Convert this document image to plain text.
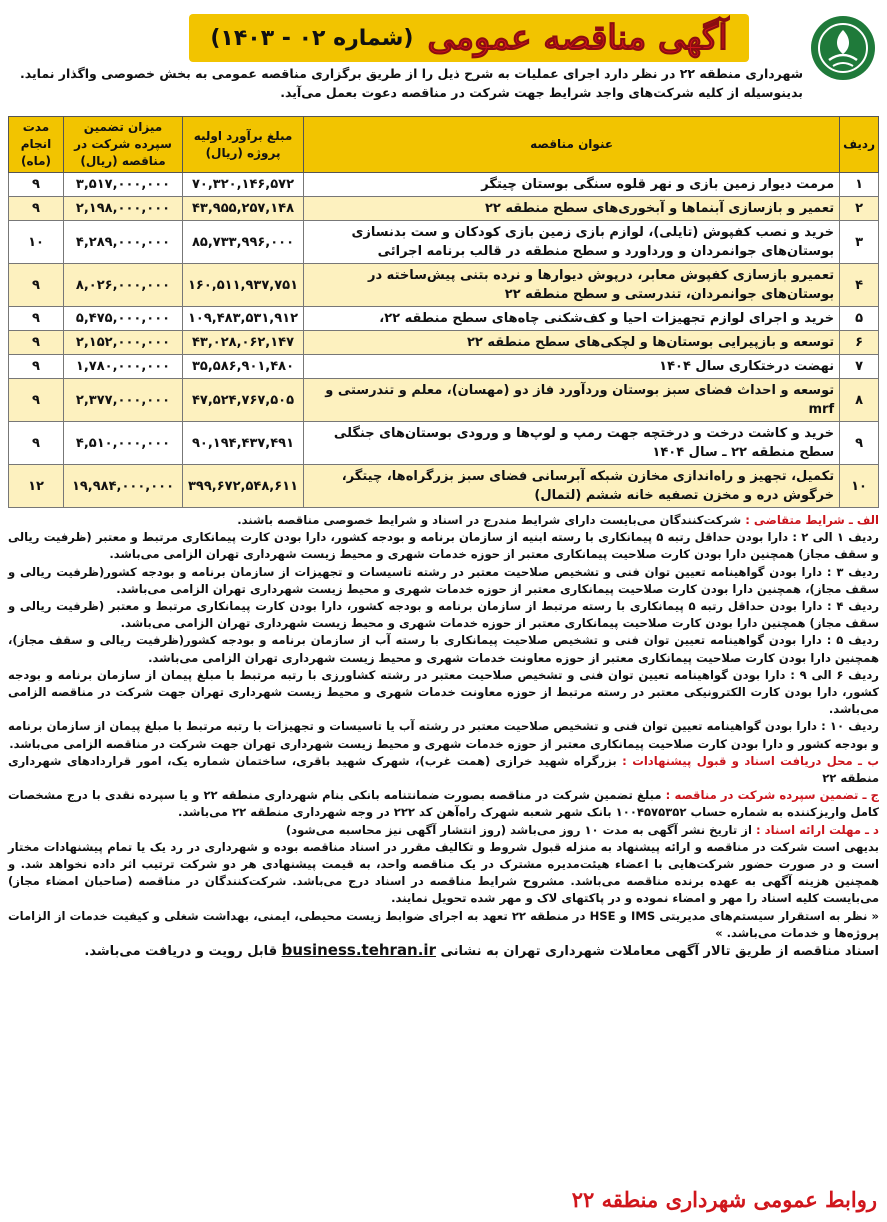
آگهی مناقصه عمومی
(شماره ۰۲ - ۱۴۰۳)
شهرداری منطقه ۲۲ در نظر دارد اجرای عملیات به شرح ذیل را از طریق برگزاری مناقصه عمومی به بخش خصوصی واگذار نماید.
بدینوسیله از کلیه شرکت‌های واجد شرایط جهت شرکت در مناقصه دعوت بعمل می‌آید.
ردیف	عنوان مناقصه	مبلغ برآورد اولیه پروژه (ریال)	میزان تضمین سپرده شرکت در مناقصه (ریال)	مدت انجام (ماه)
۱	مرمت دیوار زمین بازی و نهر قلوه سنگی بوستان چیتگر	۷۰,۳۲۰,۱۴۶,۵۷۲	۳,۵۱۷,۰۰۰,۰۰۰	۹
۲	تعمیر و بازسازی آبنماها و آبخوری‌های سطح منطقه ۲۲	۴۳,۹۵۵,۲۵۷,۱۴۸	۲,۱۹۸,۰۰۰,۰۰۰	۹
۳	خرید و نصب کفپوش (تایلی)، لوازم بازی زمین بازی کودکان و ست بدنسازی بوستان‌های جوانمردان و ورداورد و سطح منطقه در قالب برنامه اجرائی	۸۵,۷۳۳,۹۹۶,۰۰۰	۴,۲۸۹,۰۰۰,۰۰۰	۱۰
۴	تعمیرو بازسازی کفپوش معابر، درپوش دیوارها و نرده بتنی پیش‌ساخته در بوستان‌های جوانمردان، تندرستی و سطح منطقه ۲۲	۱۶۰,۵۱۱,۹۳۷,۷۵۱	۸,۰۲۶,۰۰۰,۰۰۰	۹
۵	خرید و اجرای لوازم تجهیزات احیا و کف‌شکنی چاه‌های سطح منطقه ۲۲،	۱۰۹,۴۸۳,۵۳۱,۹۱۲	۵,۴۷۵,۰۰۰,۰۰۰	۹
۶	توسعه و بازپیرایی بوستان‌ها و لچکی‌های سطح منطقه ۲۲	۴۳,۰۲۸,۰۶۲,۱۴۷	۲,۱۵۲,۰۰۰,۰۰۰	۹
۷	نهضت درختکاری سال ۱۴۰۴	۳۵,۵۸۶,۹۰۱,۴۸۰	۱,۷۸۰,۰۰۰,۰۰۰	۹
۸	توسعه و احداث فضای سبز بوستان وردآورد فاز دو (مهسان)، معلم و تندرستی و mrf	۴۷,۵۲۴,۷۶۷,۵۰۵	۲,۳۷۷,۰۰۰,۰۰۰	۹
۹	خرید و کاشت درخت و درختچه جهت رمپ و لوپ‌ها و ورودی بوستان‌های جنگلی سطح منطقه ۲۲ ـ سال ۱۴۰۴	۹۰,۱۹۴,۴۳۷,۴۹۱	۴,۵۱۰,۰۰۰,۰۰۰	۹
۱۰	تکمیل، تجهیز و راه‌اندازی مخازن شبکه آبرسانی فضای سبز بزرگراه‌ها، چیتگر، خرگوش دره و مخزن تصفیه خانه ششم (لتمال)	۳۹۹,۶۷۲,۵۴۸,۶۱۱	۱۹,۹۸۴,۰۰۰,۰۰۰	۱۲

الف ـ شرایط متقاضی : شرکت‌کنندگان می‌بایست دارای شرایط مندرج در اسناد و شرایط خصوصی مناقصه باشند.

ردیف ۱ الی ۲ : دارا بودن حداقل رتبه ۵ پیمانکاری با رسته ابنیه از سازمان برنامه و بودجه کشور، دارا بودن کارت پیمانکاری مرتبط و معتبر (ظرفیت ریالی و سقف مجاز) همچنین دارا بودن کارت صلاحیت پیمانکاری معتبر از حوزه خدمات شهری و محیط زیست شهرداری تهران الزامی می‌باشد.

ردیف ۳ : دارا بودن گواهینامه تعیین توان فنی و تشخیص صلاحیت معتبر در رشته تاسیسات و تجهیزات از سازمان برنامه و بودجه کشور(ظرفیت ریالی و سقف مجاز)، همچنین دارا بودن کارت صلاحیت پیمانکاری معتبر از حوزه خدمات شهری و محیط زیست شهرداری تهران الزامی می‌باشد.

ردیف ۴ : دارا بودن حداقل رتبه ۵ پیمانکاری با رسته مرتبط از سازمان برنامه و بودجه کشور، دارا بودن کارت پیمانکاری مرتبط و معتبر (ظرفیت ریالی و سقف مجاز) همچنین دارا بودن کارت صلاحیت پیمانکاری معتبر از حوزه خدمات شهری و محیط زیست شهرداری تهران الزامی می‌باشد.

ردیف ۵ : دارا بودن گواهینامه تعیین توان فنی و تشخیص صلاحیت پیمانکاری با رسته آب از سازمان برنامه و بودجه کشور(ظرفیت ریالی و سقف مجاز)، همچنین دارا بودن کارت صلاحیت پیمانکاری معتبر از حوزه معاونت خدمات شهری و محیط زیست شهرداری تهران الزامی می‌باشد.

ردیف ۶ الی ۹ : دارا بودن گواهینامه تعیین توان فنی و تشخیص صلاحیت معتبر در رشته کشاورزی با رتبه مرتبط با مبلغ پیمان از سازمان برنامه و بودجه کشور، دارا بودن کارت الکترونیکی معتبر در رسته مرتبط از حوزه معاونت خدمات شهری و محیط زیست شهرداری تهران جهت شرکت در مناقصه الزامی می‌باشد.

ردیف ۱۰ : دارا بودن گواهینامه تعیین توان فنی و تشخیص صلاحیت معتبر در رشته آب یا تاسیسات و تجهیزات با رتبه مرتبط با مبلغ پیمان از سازمان برنامه و بودجه کشور و دارا بودن کارت صلاحیت پیمانکاری معتبر از حوزه خدمات شهری و محیط زیست شهرداری تهران جهت شرکت در مناقصه الزامی می‌باشد.

ب ـ محل دریافت اسناد و قبول پیشنهادات : بزرگراه شهید خرازی (همت غرب)، شهرک شهید باقری، ساختمان شماره یک، امور قراردادهای شهرداری منطقه ۲۲

ج ـ تضمین سپرده شرکت در مناقصه : مبلغ تضمین شرکت در مناقصه بصورت ضمانتنامه بانکی بنام شهرداری منطقه ۲۲ و یا سپرده نقدی با درج مشخصات کامل واریزکننده به شماره حساب ۱۰۰۴۵۷۵۳۵۲ بانک شهر شعبه شهرک راه‌آهن کد ۲۲۲ در وجه شهرداری منطقه ۲۲ می‌باشد.

د ـ مهلت ارائه اسناد : از تاریخ نشر آگهی به مدت ۱۰ روز می‌باشد (روز انتشار آگهی نیز محاسبه می‌شود)

بدیهی است شرکت در مناقصه و ارائه پیشنهاد به منزله قبول شروط و تکالیف مقرر در اسناد مناقصه بوده و شهرداری در رد یک یا تمام پیشنهادات مختار است و در صورت حضور شرکت‌هایی با اعضاء هیئت‌مدیره مشترک در یک مناقصه واحد، به قیمت پیشنهادی هر دو شرکت ترتیب اثر داده نخواهد شد. و همچنین هزینه آگهی به عهده برنده مناقصه می‌باشد. مشروح شرایط مناقصه در اسناد درج می‌باشد. شرکت‌کنندگان در مناقصه (صاحبان امضاء مجاز) می‌بایست کلیه اسناد را مهر و امضاء نموده و در پاکتهای لاک و مهر شده تحویل نمایند.

« نظر به استقرار سیستم‌های مدیریتی IMS و HSE در منطقه ۲۲ تعهد به اجرای ضوابط زیست محیطی، ایمنی، بهداشت شغلی و کیفیت خدمات از الزامات پروژه‌ها و خدمات می‌باشد. »

اسناد مناقصه از طریق تالار آگهی معاملات شهرداری تهران به نشانی business.tehran.ir قابل رویت و دریافت می‌باشد.

روابط عمومی شهرداری منطقه ۲۲
